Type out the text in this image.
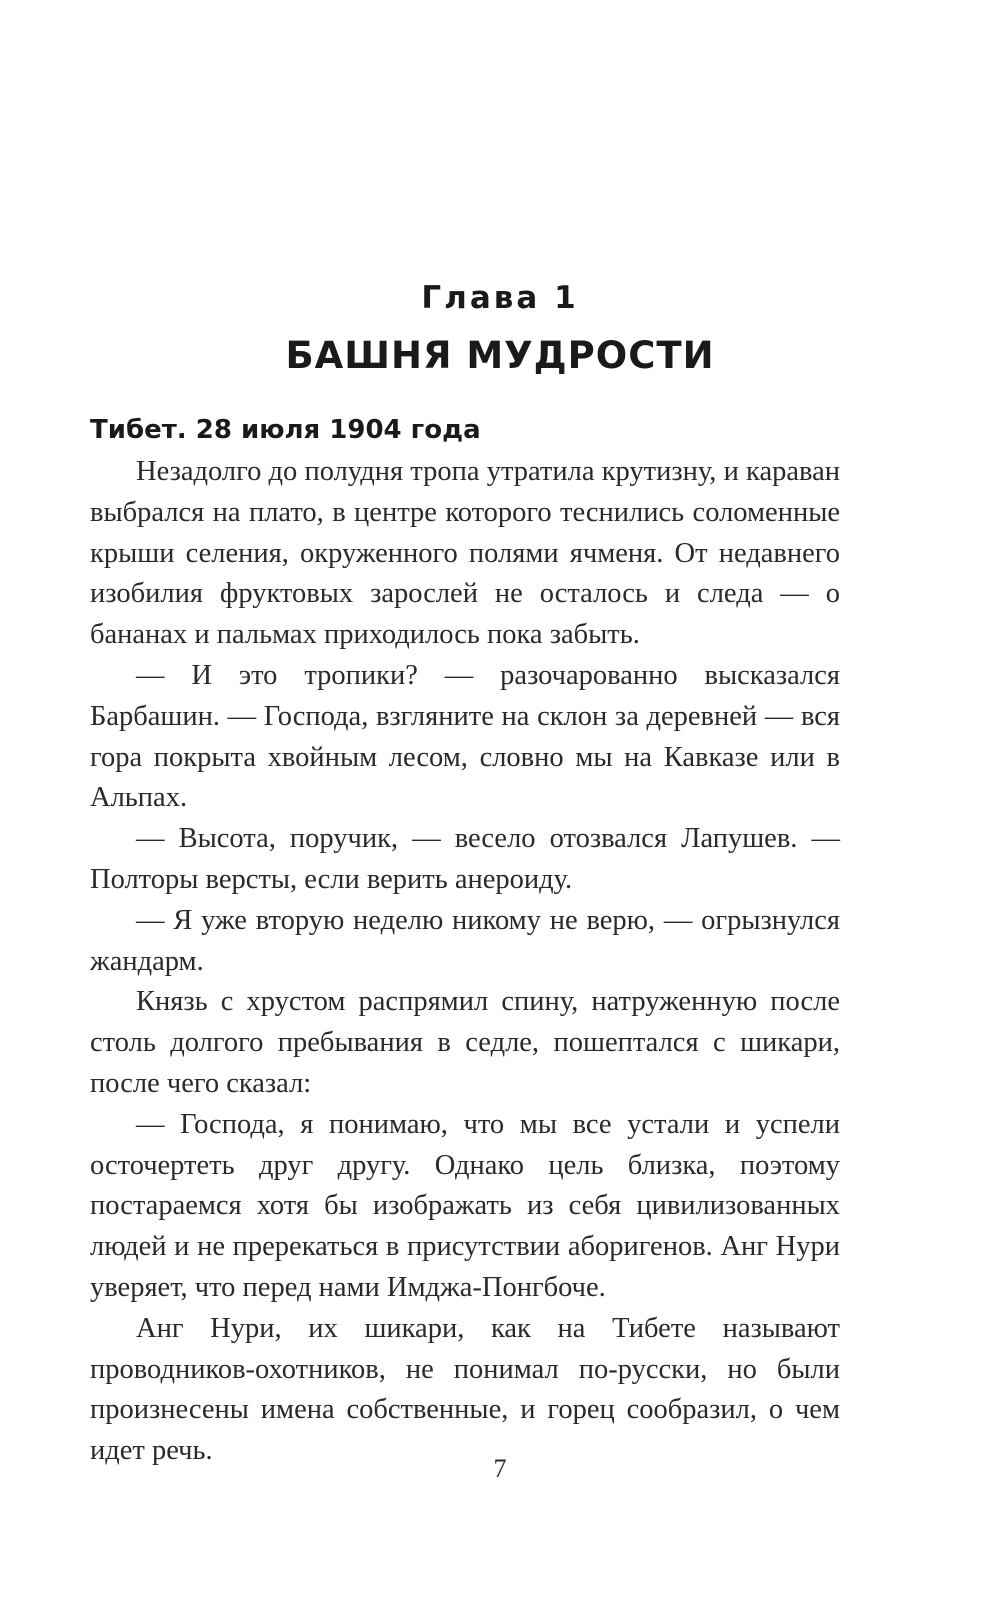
Глава 1
БАШНЯ МУДРОСТИ
Тибет. 28 июля 1904 года

Незадолго до полудня тропа утратила крутизну, и караван выбрался на плато, в центре которого теснились соломенные крыши селения, окруженного полями ячменя. От недавнего изобилия фруктовых зарослей не осталось и следа — о бананах и пальмах приходилось пока забыть.

— И это тропики? — разочарованно высказался Барбашин. — Господа, взгляните на склон за деревней — вся гора покрыта хвойным лесом, словно мы на Кавказе или в Альпах.

— Высота, поручик, — весело отозвался Лапушев. — Полторы версты, если верить анероиду.

— Я уже вторую неделю никому не верю, — огрызнулся жандарм.

Князь с хрустом распрямил спину, натруженную после столь долгого пребывания в седле, пошептался с шикари, после чего сказал:

— Господа, я понимаю, что мы все устали и успели осточертеть друг другу. Однако цель близка, поэтому постараемся хотя бы изображать из себя цивилизованных людей и не пререкаться в присутствии аборигенов. Анг Нури уверяет, что перед нами Имджа-Понгбоче.

Анг Нури, их шикари, как на Тибете называют проводников-охотников, не понимал по-русски, но были произнесены имена собственные, и горец сообразил, о чем идет речь.

7
